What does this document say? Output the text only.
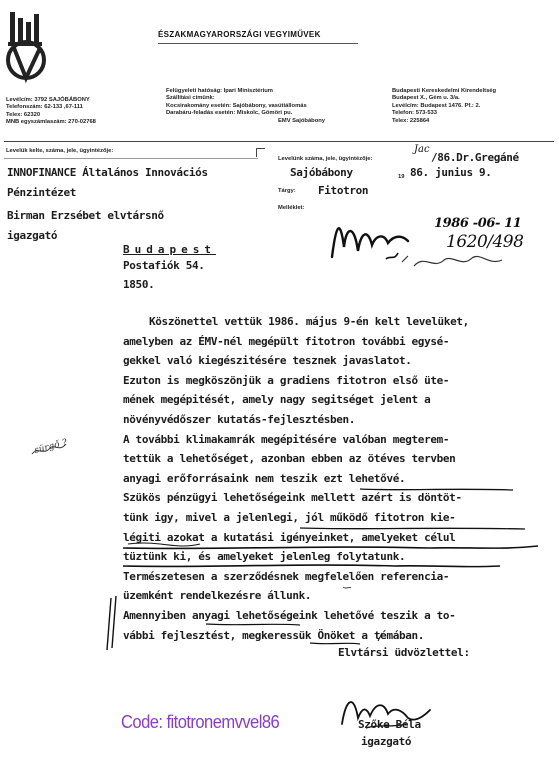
ÉSZAKMAGYARORSZÁGI VEGYIMŰVEK
Levélcím: 3792 SAJÓBÁBONY
Telefonszám: 62-133 ,67-111
Telex: 62320
MNB egyszámlaszám: 270-02768
Felügyeleti hatóság: Ipari Minisztérium
Szállítási címünk:
Kocsirakomány esetén: Sajóbábony, vasútiállomás
Darabáru-feladás esetén: Miskolc, Gömöri pu.
EMV Sajóbábony
Budapesti Kereskedelmi Kirendeltség
Budapest X., Gém u. 3/a.
Levélcím: Budapest 1476. Pf.: 2.
Telefon: 573-533
Telex: 225864
Levelük kelte, száma, jele, ügyintézője:
Levelünk száma, jele, ügyintézője:
Tárgy:
Melléklet:
Jac
/86.Dr.Gregáné
Sajóbábony	19 86. junius 9.
Fitotron
INNOFINANCE Általános Innovációs
Pénzintézet
Birman Erzsébet elvtársnő
igazgató
Budapest
Postafiók 54.
1850.
1986 -06- 11
1620/498
sürgő ?
Köszönettel vettük 1986. május 9-én kelt levelüket,
amelyben az ÉMV-nél megépült fitotron további egysé-
gekkel való kiegészitésére tesznek javaslatot.
Ezuton is megköszönjük a gradiens fitotron első üte-
mének megépitését, amely nagy segitséget jelent a
növényvédőszer kutatás-fejlesztésben.
A további klimakamrák megépitésére valóban megterem-
tettük a lehetőséget, azonban ebben az ötéves tervben
anyagi erőforrásaink nem teszik ezt lehetővé.
Szükös pénzügyi lehetőségeink mellett azért is döntöt-
tünk igy, mivel a jelenlegi, jól működő fitotron kie-
légiti azokat a kutatási igényeinket, amelyeket célul
tüztünk ki, és amelyeket jelenleg folytatunk.
Természetesen a szerződésnek megfelelően referencia-
üzemként rendelkezésre állunk.
Amennyiben anyagi lehetőségeink lehetővé teszik a to-
vábbi fejlesztést, megkeressük Önöket a témában.
Elvtársi üdvözlettel:
Szőke Béla
igazgató
Code: fitotronemvvel86
